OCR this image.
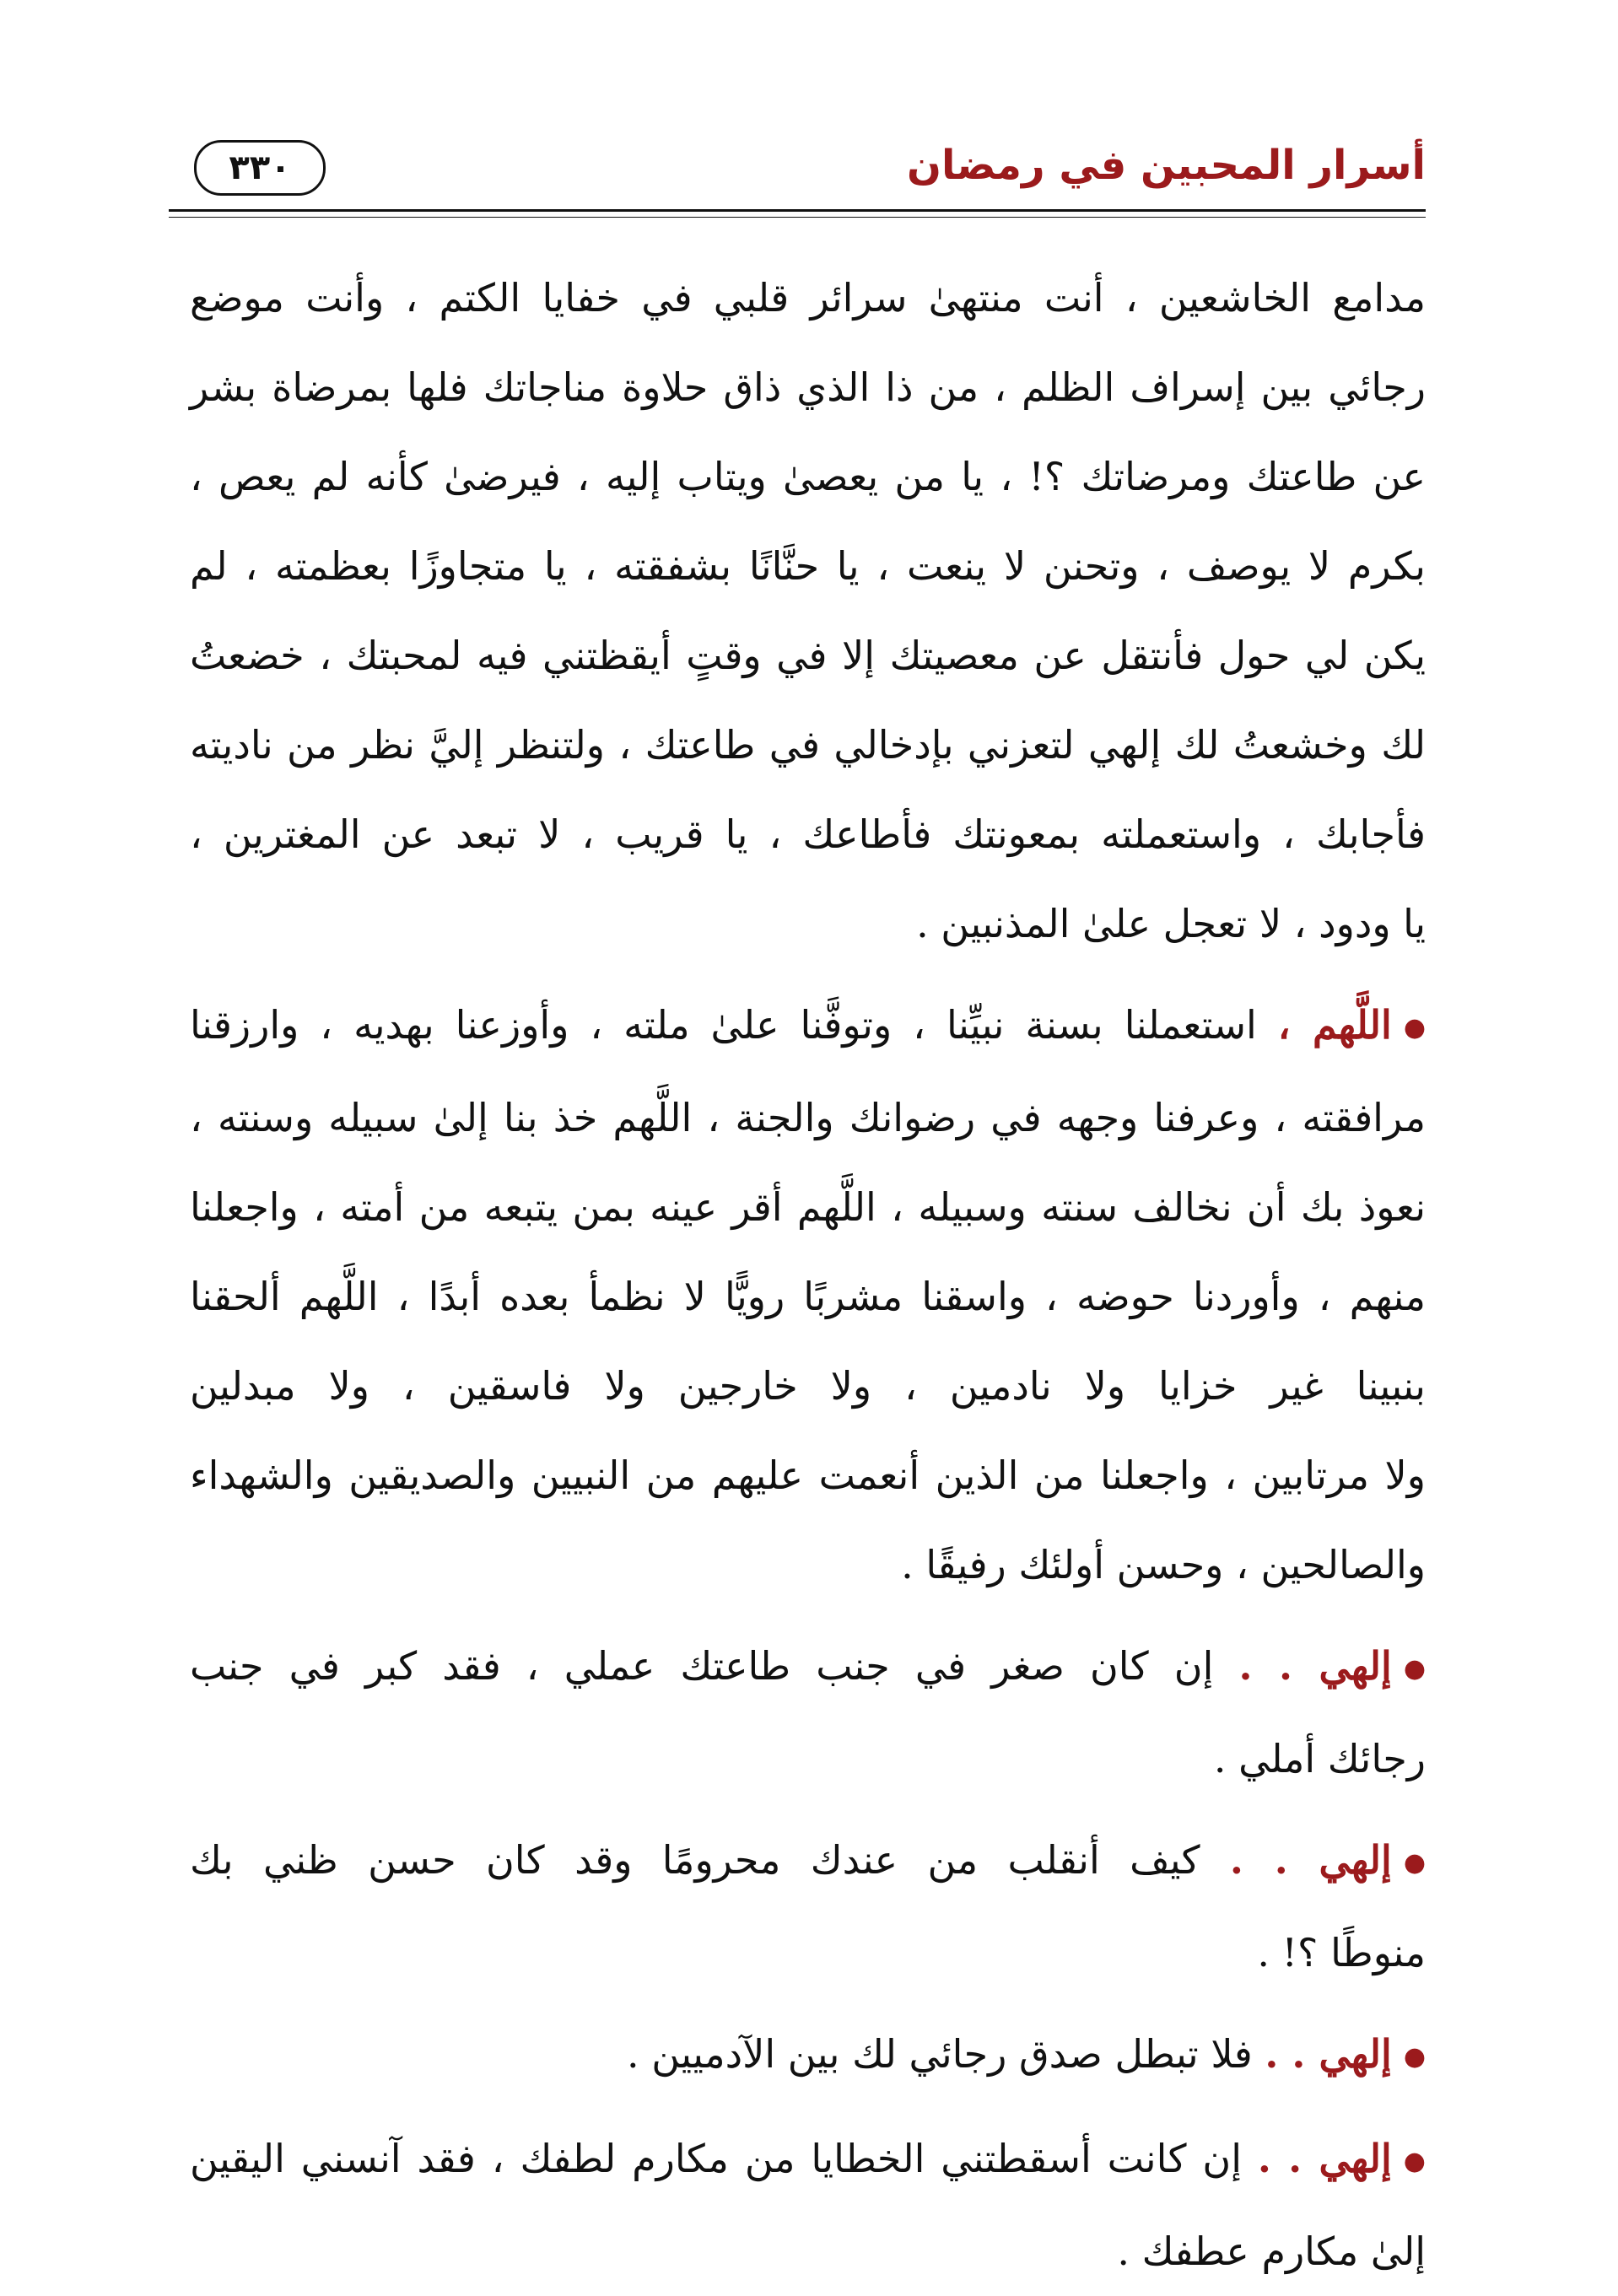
أسرار المحبين في رمضان
٣٣٠

مدامع الخاشعين ، أنت منتهىٰ سرائر قلبي في خفايا الكتم ، وأنت موضع
رجائي بين إسراف الظلم ، من ذا الذي ذاق حلاوة مناجاتك فلها بمرضاة بشر
عن طاعتك ومرضاتك ؟! ، يا من يعصىٰ ويتاب إليه ، فيرضىٰ كأنه لم يعص ،
بكرم لا يوصف ، وتحنن لا ينعت ، يا حنَّانًا بشفقته ، يا متجاوزًا بعظمته ، لم
يكن لي حول فأنتقل عن معصيتك إلا في وقتٍ أيقظتني فيه لمحبتك ، خضعتُ
لك وخشعتُ لك إلهي لتعزني بإدخالي في طاعتك ، ولتنظر إليَّ نظر من ناديته
فأجابك ، واستعملته بمعونتك فأطاعك ، يا قريب ، لا تبعد عن المغترين ،
يا ودود ، لا تعجل علىٰ المذنبين .

●اللَّهم ، استعملنا بسنة نبيِّنا ، وتوفَّنا علىٰ ملته ، وأوزعنا بهديه ، وارزقنا
مرافقته ، وعرفنا وجهه في رضوانك والجنة ، اللَّهم خذ بنا إلىٰ سبيله وسنته ،
نعوذ بك أن نخالف سنته وسبيله ، اللَّهم أقر عينه بمن يتبعه من أمته ، واجعلنا
منهم ، وأوردنا حوضه ، واسقنا مشربًا رويًّا لا نظمأ بعده أبدًا ، اللَّهم ألحقنا
بنبينا غير خزايا ولا نادمين ، ولا خارجين ولا فاسقين ، ولا مبدلين
ولا مرتابين ، واجعلنا من الذين أنعمت عليهم من النبيين والصديقين والشهداء
والصالحين ، وحسن أولئك رفيقًا .

●إلهي . . إن كان صغر في جنب طاعتك عملي ، فقد كبر في جنب
رجائك أملي .

●إلهي . . كيف أنقلب من عندك محرومًا وقد كان حسن ظني بك
منوطًا ؟! .

●إلهي . . فلا تبطل صدق رجائي لك بين الآدميين .

●إلهي . . إن كانت أسقطتني الخطايا من مكارم لطفك ، فقد آنسني اليقين
إلىٰ مكارم عطفك .
